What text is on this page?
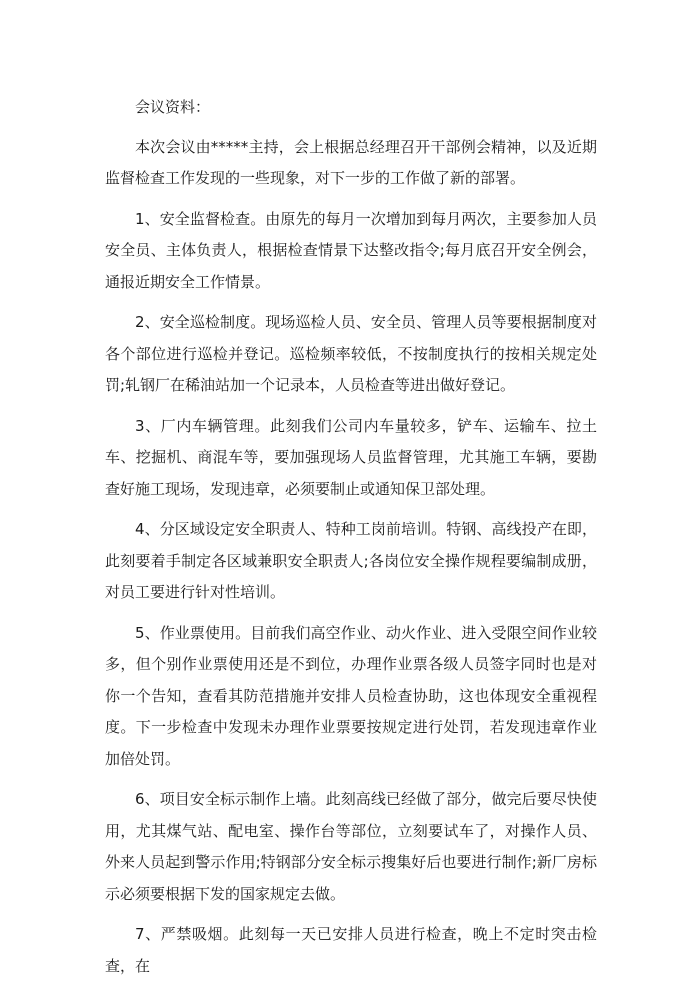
会议资料：

本次会议由*****主持，会上根据总经理召开干部例会精神，以及近期监督检查工作发现的一些现象，对下一步的工作做了新的部署。

1、安全监督检查。由原先的每月一次增加到每月两次，主要参加人员安全员、主体负责人，根据检查情景下达整改指令;每月底召开安全例会，通报近期安全工作情景。

2、安全巡检制度。现场巡检人员、安全员、管理人员等要根据制度对各个部位进行巡检并登记。巡检频率较低，不按制度执行的按相关规定处罚;轧钢厂在稀油站加一个记录本，人员检查等进出做好登记。

3、厂内车辆管理。此刻我们公司内车量较多，铲车、运输车、拉土车、挖掘机、商混车等，要加强现场人员监督管理，尤其施工车辆，要勘查好施工现场，发现违章，必须要制止或通知保卫部处理。

4、分区域设定安全职责人、特种工岗前培训。特钢、高线投产在即，此刻要着手制定各区域兼职安全职责人;各岗位安全操作规程要编制成册，对员工要进行针对性培训。

5、作业票使用。目前我们高空作业、动火作业、进入受限空间作业较多，但个别作业票使用还是不到位，办理作业票各级人员签字同时也是对你一个告知，查看其防范措施并安排人员检查协助，这也体现安全重视程度。下一步检查中发现未办理作业票要按规定进行处罚，若发现违章作业加倍处罚。

6、项目安全标示制作上墙。此刻高线已经做了部分，做完后要尽快使用，尤其煤气站、配电室、操作台等部位，立刻要试车了，对操作人员、外来人员起到警示作用;特钢部分安全标示搜集好后也要进行制作;新厂房标示必须要根据下发的国家规定去做。

7、严禁吸烟。此刻每一天已安排人员进行检查，晚上不定时突击检查，在
